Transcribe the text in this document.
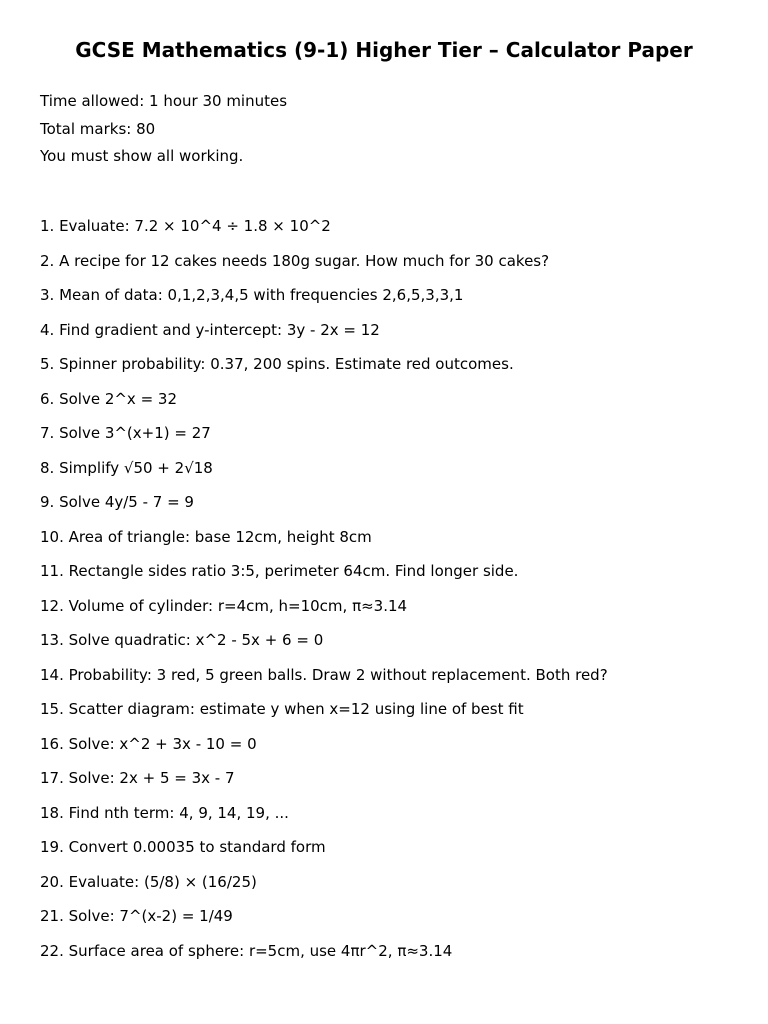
GCSE Mathematics (9-1) Higher Tier – Calculator Paper
Time allowed: 1 hour 30 minutes
Total marks: 80
You must show all working.
1. Evaluate: 7.2 × 10^4 ÷ 1.8 × 10^2
2. A recipe for 12 cakes needs 180g sugar. How much for 30 cakes?
3. Mean of data: 0,1,2,3,4,5 with frequencies 2,6,5,3,3,1
4. Find gradient and y-intercept: 3y - 2x = 12
5. Spinner probability: 0.37, 200 spins. Estimate red outcomes.
6. Solve 2^x = 32
7. Solve 3^(x+1) = 27
8. Simplify √50 + 2√18
9. Solve 4y/5 - 7 = 9
10. Area of triangle: base 12cm, height 8cm
11. Rectangle sides ratio 3:5, perimeter 64cm. Find longer side.
12. Volume of cylinder: r=4cm, h=10cm, π≈3.14
13. Solve quadratic: x^2 - 5x + 6 = 0
14. Probability: 3 red, 5 green balls. Draw 2 without replacement. Both red?
15. Scatter diagram: estimate y when x=12 using line of best fit
16. Solve: x^2 + 3x - 10 = 0
17. Solve: 2x + 5 = 3x - 7
18. Find nth term: 4, 9, 14, 19, ...
19. Convert 0.00035 to standard form
20. Evaluate: (5/8) × (16/25)
21. Solve: 7^(x-2) = 1/49
22. Surface area of sphere: r=5cm, use 4πr^2, π≈3.14
